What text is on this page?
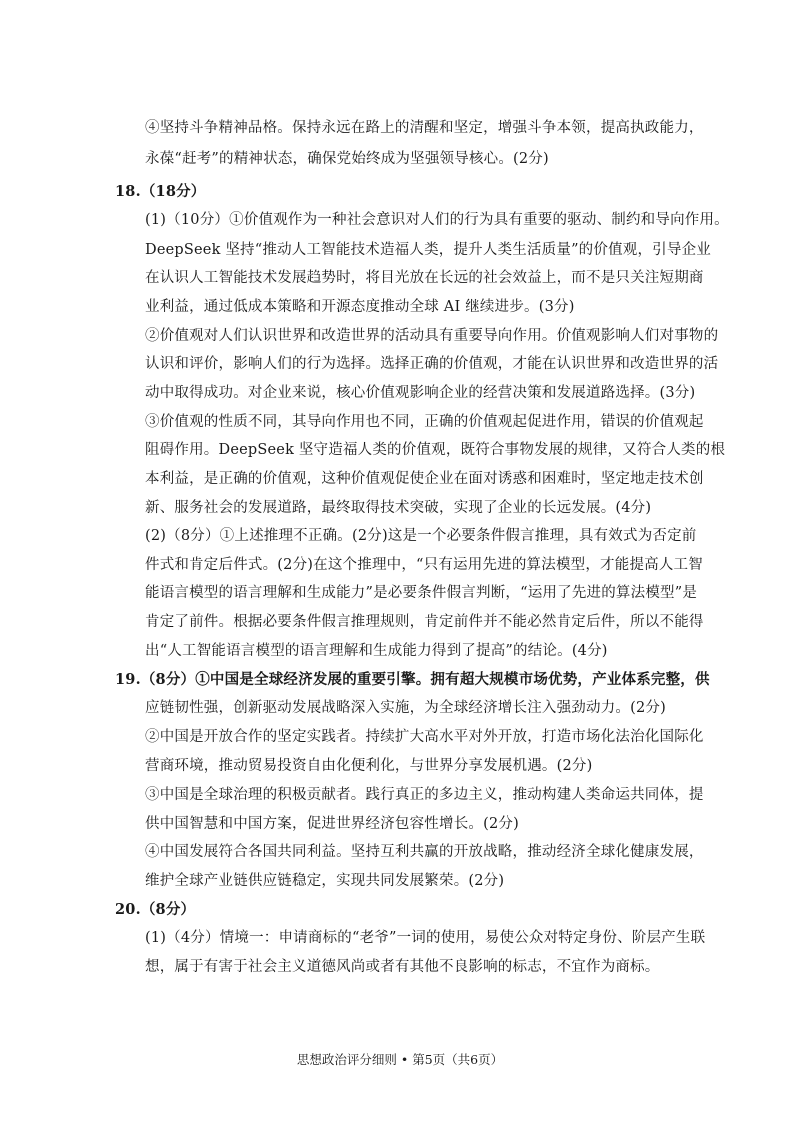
④坚持斗争精神品格。保持永远在路上的清醒和坚定，增强斗争本领，提高执政能力，
永葆“赶考”的精神状态，确保党始终成为坚强领导核心。(2分)
18.（18分）
(1)（10分）①价值观作为一种社会意识对人们的行为具有重要的驱动、制约和导向作用。
DeepSeek 坚持“推动人工智能技术造福人类，提升人类生活质量”的价值观，引导企业
在认识人工智能技术发展趋势时，将目光放在长远的社会效益上，而不是只关注短期商
业利益，通过低成本策略和开源态度推动全球 AI 继续进步。(3分)
②价值观对人们认识世界和改造世界的活动具有重要导向作用。价值观影响人们对事物的
认识和评价，影响人们的行为选择。选择正确的价值观，才能在认识世界和改造世界的活
动中取得成功。对企业来说，核心价值观影响企业的经营决策和发展道路选择。(3分)
③价值观的性质不同，其导向作用也不同，正确的价值观起促进作用，错误的价值观起
阻碍作用。DeepSeek 坚守造福人类的价值观，既符合事物发展的规律，又符合人类的根
本利益，是正确的价值观，这种价值观促使企业在面对诱惑和困难时，坚定地走技术创
新、服务社会的发展道路，最终取得技术突破，实现了企业的长远发展。(4分)
(2)（8分）①上述推理不正确。(2分)这是一个必要条件假言推理，具有效式为否定前
件式和肯定后件式。(2分)在这个推理中，“只有运用先进的算法模型，才能提高人工智
能语言模型的语言理解和生成能力”是必要条件假言判断，“运用了先进的算法模型”是
肯定了前件。根据必要条件假言推理规则，肯定前件并不能必然肯定后件，所以不能得
出“人工智能语言模型的语言理解和生成能力得到了提高”的结论。(4分)
19.（8分）①中国是全球经济发展的重要引擎。拥有超大规模市场优势，产业体系完整，供
应链韧性强，创新驱动发展战略深入实施，为全球经济增长注入强劲动力。(2分)
②中国是开放合作的坚定实践者。持续扩大高水平对外开放，打造市场化法治化国际化
营商环境，推动贸易投资自由化便利化，与世界分享发展机遇。(2分)
③中国是全球治理的积极贡献者。践行真正的多边主义，推动构建人类命运共同体，提
供中国智慧和中国方案，促进世界经济包容性增长。(2分)
④中国发展符合各国共同利益。坚持互利共赢的开放战略，推动经济全球化健康发展，
维护全球产业链供应链稳定，实现共同发展繁荣。(2分)
20.（8分）
(1)（4分）情境一：申请商标的“老爷”一词的使用，易使公众对特定身份、阶层产生联
想，属于有害于社会主义道德风尚或者有其他不良影响的标志，不宜作为商标。
思想政治评分细则 • 第5页（共6页）
